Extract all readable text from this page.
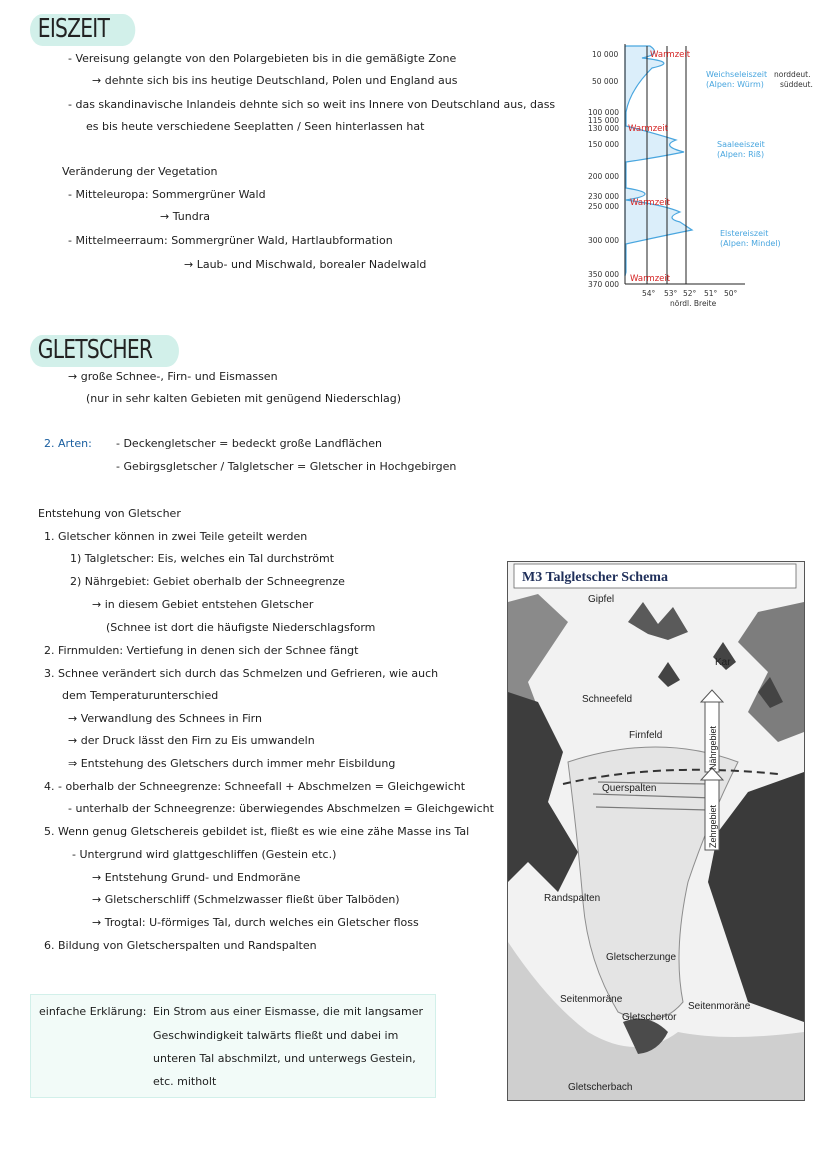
EISZEIT
- Vereisung gelangte von den Polargebieten bis in die gemäßigte Zone
→ dehnte sich bis ins heutige Deutschland, Polen und England aus
- das skandinavische Inlandeis dehnte sich so weit ins Innere von Deutschland aus, dass
es bis heute verschiedene Seeplatten / Seen hinterlassen hat
Veränderung der Vegetation
- Mitteleuropa: Sommergrüner Wald
→ Tundra
- Mittelmeerraum: Sommergrüner Wald, Hartlaubformation
→ Laub- und Mischwald, borealer Nadelwald
10 000
50 000
100 000
115 000
130 000
150 000
200 000
230 000
250 000
300 000
350 000
370 000
54° 53° 52° 51° 50°
nördl. Breite
Warmzeit
Warmzeit
Warmzeit
Warmzeit
Weichseleiszeit
(Alpen: Würm)
norddeut.
süddeut.
Saaleeiszeit
(Alpen: Riß)
Elstereiszeit
(Alpen: Mindel)
GLETSCHER
→ große Schnee-, Firn- und Eismassen
(nur in sehr kalten Gebieten mit genügend Niederschlag)
2. Arten: - Deckengletscher = bedeckt große Landflächen
- Gebirgsgletscher / Talgletscher = Gletscher in Hochgebirgen
Entstehung von Gletscher
1. Gletscher können in zwei Teile geteilt werden
1) Talgletscher: Eis, welches ein Tal durchströmt
2) Nährgebiet: Gebiet oberhalb der Schneegrenze
→ in diesem Gebiet entstehen Gletscher
(Schnee ist dort die häufigste Niederschlagsform
2. Firnmulden: Vertiefung in denen sich der Schnee fängt
3. Schnee verändert sich durch das Schmelzen und Gefrieren, wie auch
dem Temperaturunterschied
→ Verwandlung des Schnees in Firn
→ der Druck lässt den Firn zu Eis umwandeln
⇒ Entstehung des Gletschers durch immer mehr Eisbildung
4. - oberhalb der Schneegrenze: Schneefall + Abschmelzen = Gleichgewicht
- unterhalb der Schneegrenze: überwiegendes Abschmelzen = Gleichgewicht
5. Wenn genug Gletschereis gebildet ist, fließt es wie eine zähe Masse ins Tal
- Untergrund wird glattgeschliffen (Gestein etc.)
→ Entstehung Grund- und Endmoräne
→ Gletscherschliff (Schmelzwasser fließt über Talböden)
→ Trogtal: U-förmiges Tal, durch welches ein Gletscher floss
6. Bildung von Gletscherspalten und Randspalten
einfache Erklärung: Ein Strom aus einer Eismasse, die mit langsamer
Geschwindigkeit talwärts fließt und dabei im
unteren Tal abschmilzt, und unterwegs Gestein,
etc. mitholt
M3 Talgletscher Schema
Gipfel
Kar
Schneefeld
Firnfeld	Nährgebiet
Querspalten
Zehrgebiet
Randspalten
Gletscherzunge
Seitenmoräne
Seitenmoräne
Gletschertor
Gletscherbach
